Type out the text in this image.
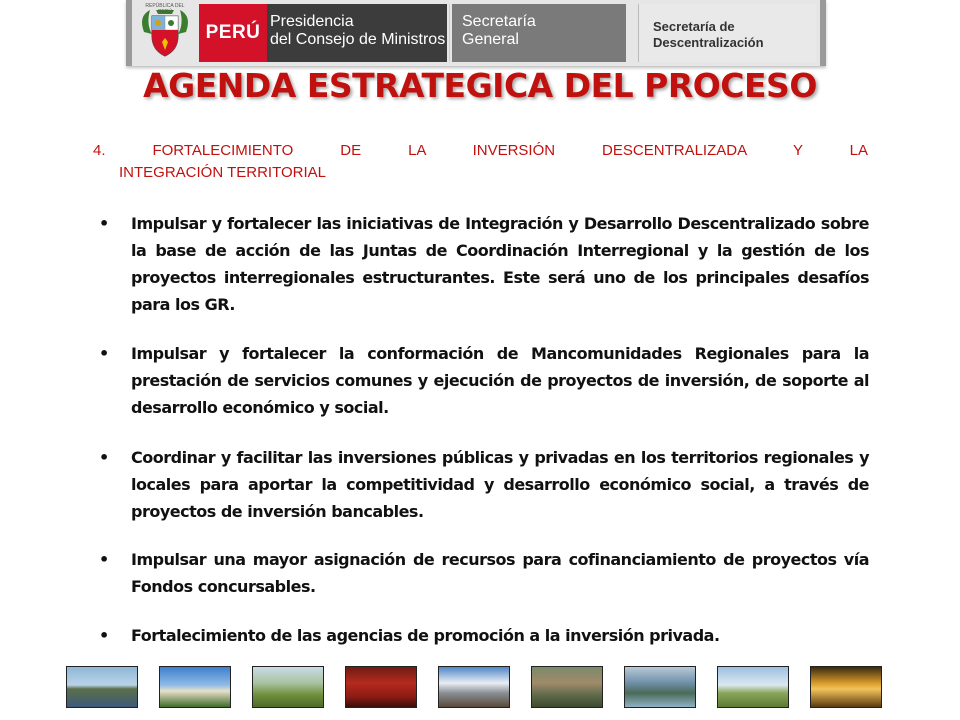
REPÚBLICA DEL PERÚ
PERÚ
Presidencia
del Consejo de Ministros
Secretaría
General
Secretaría de
Descentralización
AGENDA ESTRATEGICA DEL PROCESO
4. FORTALECIMIENTO DE LA INVERSIÓN DESCENTRALIZADA Y LA
INTEGRACIÓN TERRITORIAL
•	Impulsar y fortalecer las iniciativas de Integración y Desarrollo Descentralizado sobre la base de acción de las Juntas de Coordinación Interregional y la gestión de los proyectos interregionales estructurantes. Este será uno de los principales desafíos para los GR.
•	Impulsar y fortalecer la conformación de Mancomunidades Regionales para la prestación de servicios comunes y ejecución de proyectos de inversión, de soporte al desarrollo económico y social.
•	Coordinar y facilitar las inversiones públicas y privadas en los territorios regionales y locales para aportar la competitividad y desarrollo económico social, a través de proyectos de inversión bancables.
•	Impulsar una mayor asignación de recursos para cofinanciamiento de proyectos vía Fondos concursables.
•	Fortalecimiento de las agencias de promoción a la inversión privada.
